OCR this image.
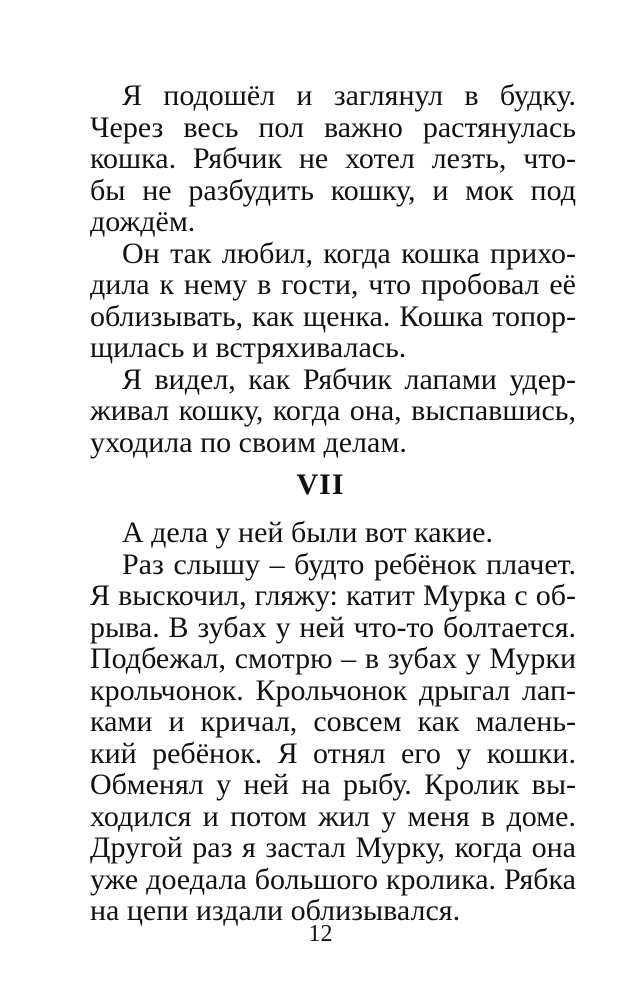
Я подошёл и заглянул в будку.
Через весь пол важно растянулась
кошка. Рябчик не хотел лезть, что-
бы не разбудить кошку, и мок под
дождём.
Он так любил, когда кошка прихо-
дила к нему в гости, что пробовал её
облизывать, как щенка. Кошка топор-
щилась и встряхивалась.
Я видел, как Рябчик лапами удер-
живал кошку, когда она, выспавшись,
уходила по своим делам.
VII
А дела у ней были вот какие.
Раз слышу – будто ребёнок плачет.
Я выскочил, гляжу: катит Мурка с об-
рыва. В зубах у ней что-то болтается.
Подбежал, смотрю – в зубах у Мурки
крольчонок. Крольчонок дрыгал лап-
ками и кричал, совсем как малень-
кий ребёнок. Я отнял его у кошки.
Обменял у ней на рыбу. Кролик вы-
ходился и потом жил у меня в доме.
Другой раз я застал Мурку, когда она
уже доедала большого кролика. Рябка
на цепи издали облизывался.
12
